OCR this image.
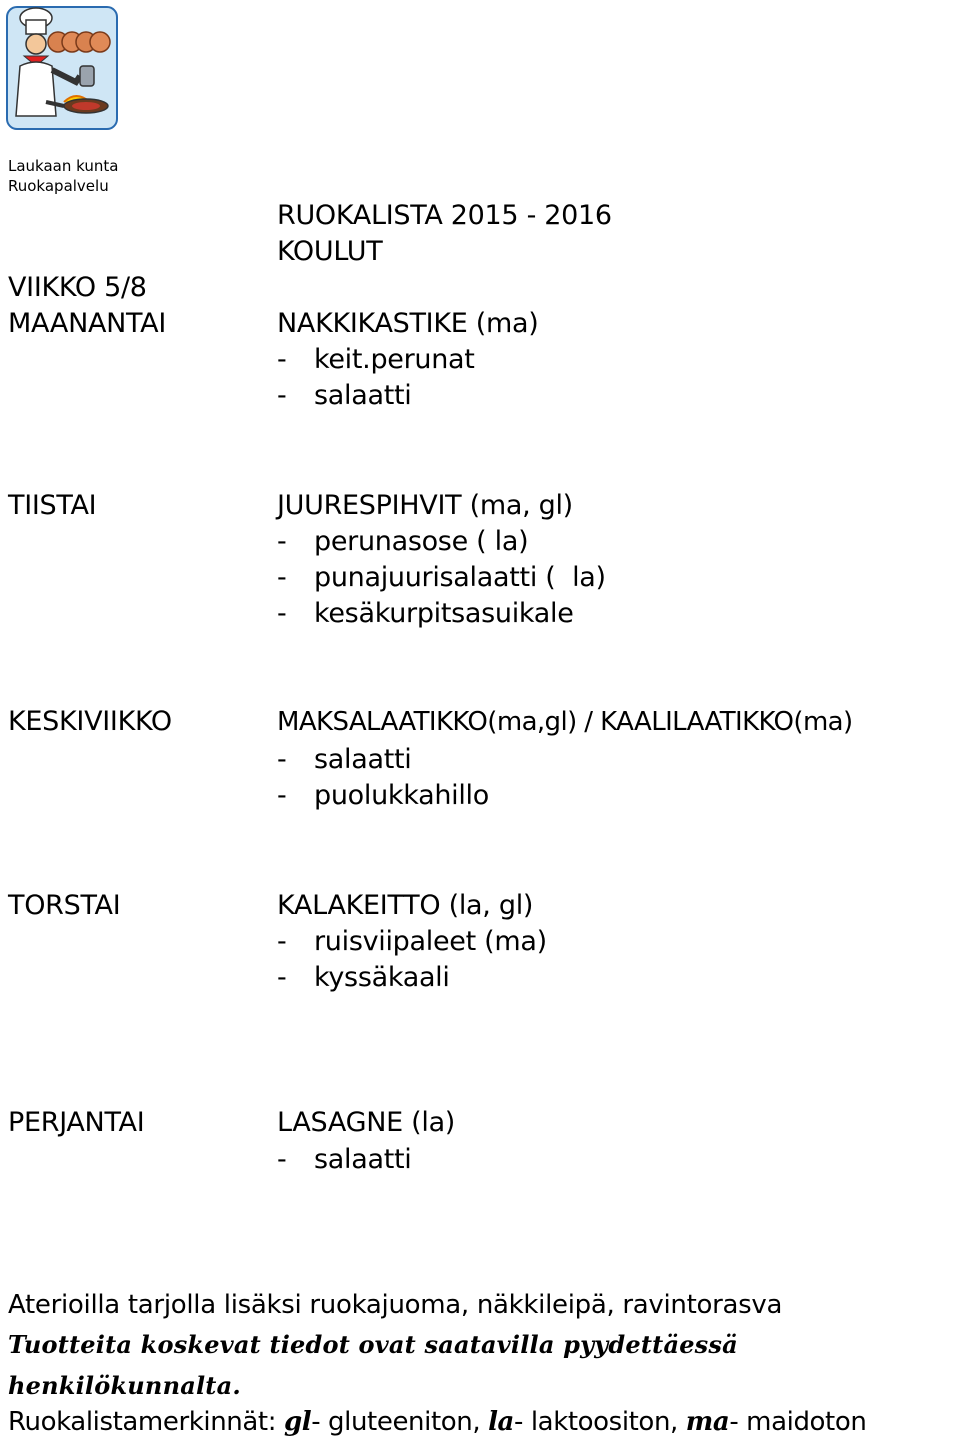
Laukaan kunta
Ruokapalvelu
RUOKALISTA 2015 - 2016
KOULUT
VIIKKO 5/8
MAANANTAI	NAKKIKASTIKE (ma)
- keit.perunat
- salaatti
TIISTAI	JUURESPIHVIT (ma, gl)
- perunasose ( la)
- punajuurisalaatti (  la)
- kesäkurpitsasuikale
KESKIVIIKKO	MAKSALAATIKKO(ma,gl) / KAALILAATIKKO(ma)
- salaatti
- puolukkahillo
TORSTAI	KALAKEITTO (la, gl)
- ruisviipaleet (ma)
- kyssäkaali
PERJANTAI	LASAGNE (la)
- salaatti
Aterioilla tarjolla lisäksi ruokajuoma, näkkileipä, ravintorasva
Tuotteita koskevat tiedot ovat saatavilla pyydettäessä
henkilökunnalta.
Ruokalistamerkinnät: gl- gluteeniton, la- laktoositon, ma- maidoton
